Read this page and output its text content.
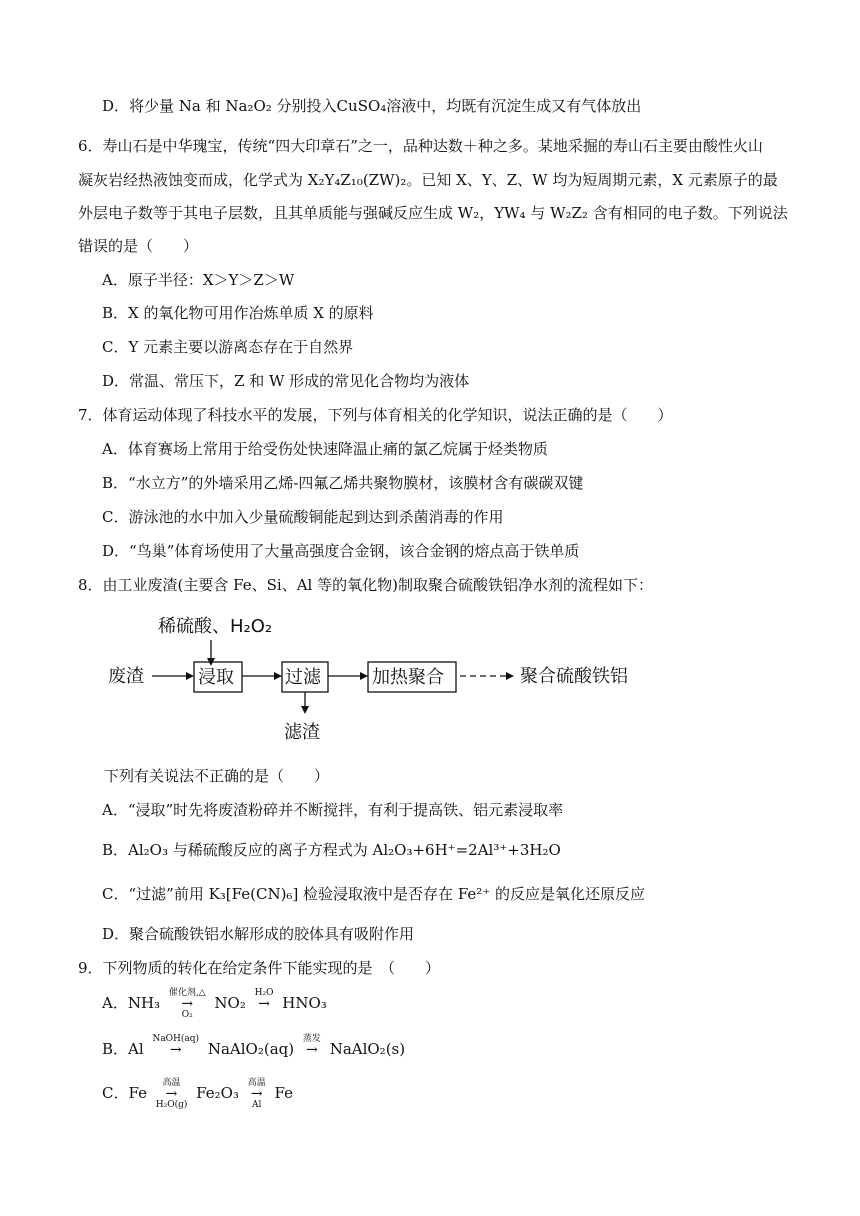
D．将少量 Na 和 Na₂O₂ 分别投入CuSO₄溶液中，均既有沉淀生成又有气体放出
6．寿山石是中华瑰宝，传统“四大印章石”之一，品种达数＋种之多。某地采掘的寿山石主要由酸性火山
凝灰岩经热液蚀变而成，化学式为 X₂Y₄Z₁₀(ZW)₂。已知 X、Y、Z、W 均为短周期元素，X 元素原子的最
外层电子数等于其电子层数，且其单质能与强碱反应生成 W₂，YW₄ 与 W₂Z₂ 含有相同的电子数。下列说法
错误的是（　　）
A．原子半径：X＞Y＞Z＞W
B．X 的氧化物可用作冶炼单质 X 的原料
C．Y 元素主要以游离态存在于自然界
D．常温、常压下，Z 和 W 形成的常见化合物均为液体
7．体育运动体现了科技水平的发展，下列与体育相关的化学知识，说法正确的是（　　）
A．体育赛场上常用于给受伤处快速降温止痛的氯乙烷属于烃类物质
B．“水立方”的外墙采用乙烯-四氟乙烯共聚物膜材，该膜材含有碳碳双键
C．游泳池的水中加入少量硫酸铜能起到达到杀菌消毒的作用
D．“鸟巢”体育场使用了大量高强度合金钢，该合金钢的熔点高于铁单质
8．由工业废渣(主要含 Fe、Si、Al 等的氧化物)制取聚合硫酸铁铝净水剂的流程如下：
稀硫酸、H₂O₂
废渣	浸取	过滤
滤渣
加热聚合	聚合硫酸铁铝
下列有关说法不正确的是（　　）
A．“浸取”时先将废渣粉碎并不断搅拌，有利于提高铁、铝元素浸取率
B．Al₂O₃ 与稀硫酸反应的离子方程式为 Al₂O₃+6H⁺=2Al³⁺+3H₂O
C．“过滤”前用 K₃[Fe(CN)₆] 检验浸取液中是否存在 Fe²⁺ 的反应是氧化还原反应
D．聚合硫酸铁铝水解形成的胶体具有吸附作用
9．下列物质的转化在给定条件下能实现的是　（　　）
A．NH₃
催化剂,△
→
O₂
NO₂
H₂O
→ HNO₃
B．Al
NaOH(aq)
→	NaAlO₂(aq)
蒸发
→ NaAlO₂(s)
C．Fe
高温
→
H₂O(g)
Fe₂O₃
高温
→
Al
Fe
